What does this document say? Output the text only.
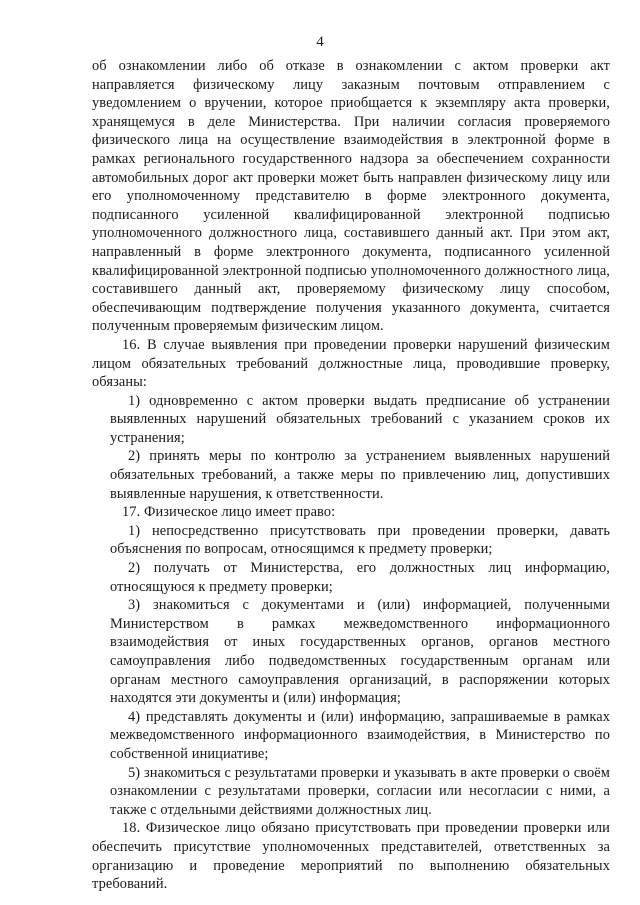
4

об ознакомлении либо об отказе в ознакомлении с актом проверки акт направляется физическому лицу заказным почтовым отправлением с уведомлением о вручении, которое приобщается к экземпляру акта проверки, хранящемуся в деле Министерства. При наличии согласия проверяемого физического лица на осуществление взаимодействия в электронной форме в рамках регионального государственного надзора за обеспечением сохранности автомобильных дорог акт проверки может быть направлен физическому лицу или его уполномоченному представителю в форме электронного документа, подписанного усиленной квалифицированной электронной подписью уполномоченного должностного лица, составившего данный акт. При этом акт, направленный в форме электронного документа, подписанного усиленной квалифицированной электронной подписью уполномоченного должностного лица, составившего данный акт, проверяемому физическому лицу способом, обеспечивающим подтверждение получения указанного документа, считается полученным проверяемым физическим лицом.

16. В случае выявления при проведении проверки нарушений физическим лицом обязательных требований должностные лица, проводившие проверку, обязаны:

1) одновременно с актом проверки выдать предписание об устранении выявленных нарушений обязательных требований с указанием сроков их устранения;

2) принять меры по контролю за устранением выявленных нарушений обязательных требований, а также меры по привлечению лиц, допустивших выявленные нарушения, к ответственности.

17. Физическое лицо имеет право:

1) непосредственно присутствовать при проведении проверки, давать объяснения по вопросам, относящимся к предмету проверки;

2) получать от Министерства, его должностных лиц информацию, относящуюся к предмету проверки;

3) знакомиться с документами и (или) информацией, полученными Министерством в рамках межведомственного информационного взаимодействия от иных государственных органов, органов местного самоуправления либо подведомственных государственным органам или органам местного самоуправления организаций, в распоряжении которых находятся эти документы и (или) информация;

4) представлять документы и (или) информацию, запрашиваемые в рамках межведомственного информационного взаимодействия, в Министерство по собственной инициативе;

5) знакомиться с результатами проверки и указывать в акте проверки о своём ознакомлении с результатами проверки, согласии или несогласии с ними, а также с отдельными действиями должностных лиц.

18. Физическое лицо обязано присутствовать при проведении проверки или обеспечить присутствие уполномоченных представителей, ответственных за организацию и проведение мероприятий по выполнению обязательных требований.
